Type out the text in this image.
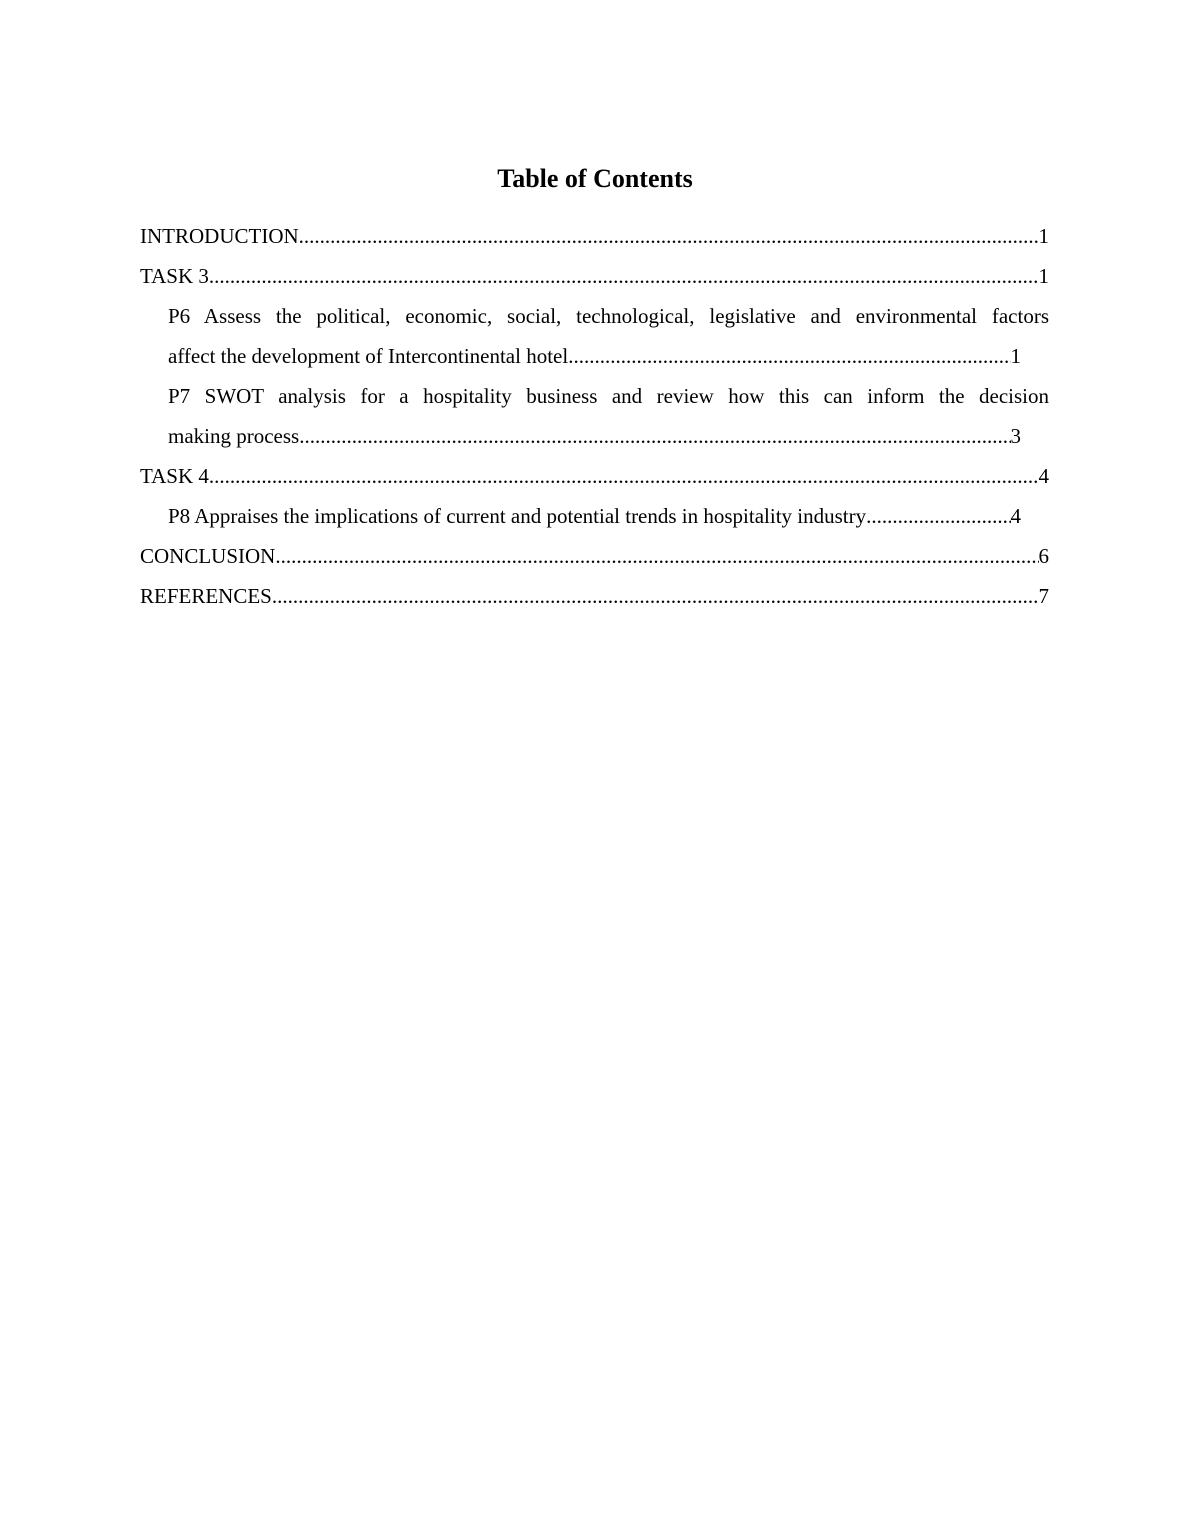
Table of Contents
INTRODUCTION .....	1
TASK 3 .....	1
P6 Assess the political, economic, social, technological, legislative and environmental factors
affect the development of Intercontinental hotel .....	1
P7 SWOT analysis for a hospitality business and review how this can inform the decision
making process .....	3
TASK 4 .....	4
P8 Appraises the implications of current and potential trends in hospitality industry .....	4
CONCLUSION .....	6
REFERENCES .....	7
